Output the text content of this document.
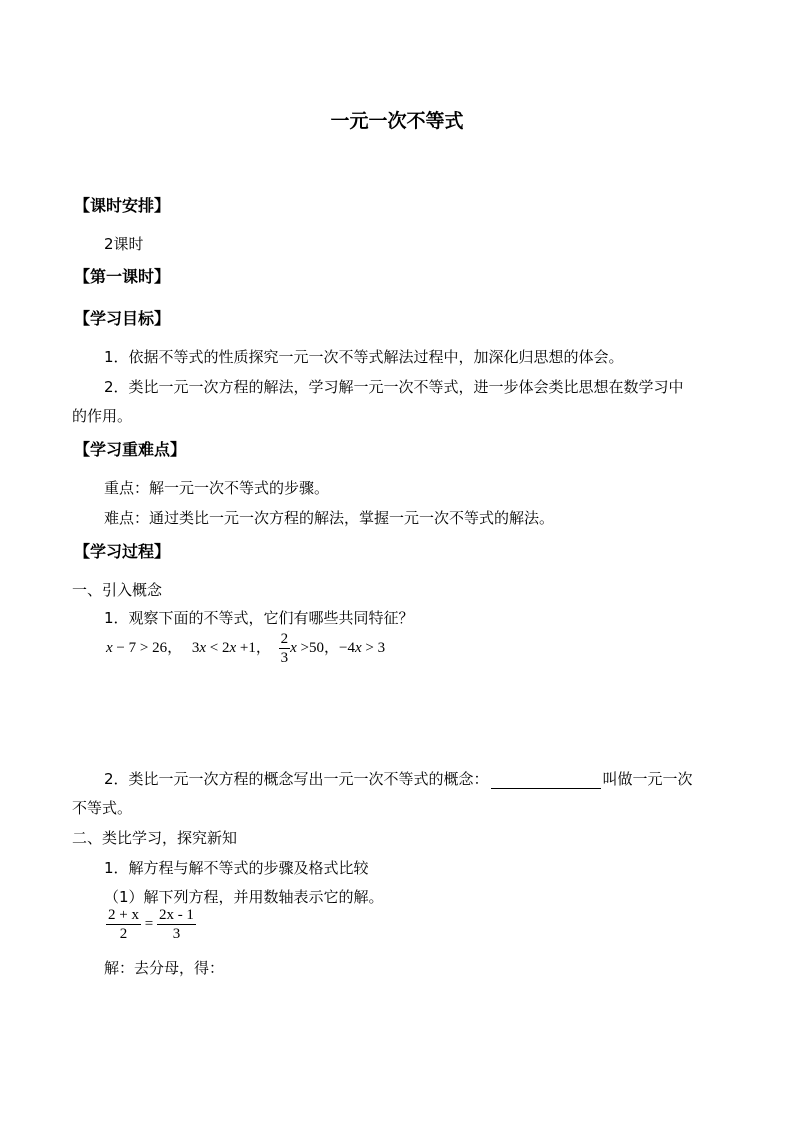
一元一次不等式
【课时安排】
2课时
【第一课时】
【学习目标】
1．依据不等式的性质探究一元一次不等式解法过程中，加深化归思想的体会。
2．类比一元一次方程的解法，学习解一元一次不等式，进一步体会类比思想在数学习中
的作用。
【学习重难点】
重点：解一元一次不等式的步骤。
难点：通过类比一元一次方程的解法，掌握一元一次不等式的解法。
【学习过程】
一、引入概念
1．观察下面的不等式，它们有哪些共同特征？
x − 7 > 26， 3x < 2x +1， $\frac{2}{3}$ x >50，−4x > 3
2．类比一元一次方程的概念写出一元一次不等式的概念：	叫做一元一次
不等式。
二、类比学习，探究新知
1．解方程与解不等式的步骤及格式比较
（1）解下列方程，并用数轴表示它的解。
$\frac{2 + x}{2} = \frac{2x - 1}{3}$
解：去分母，得：
